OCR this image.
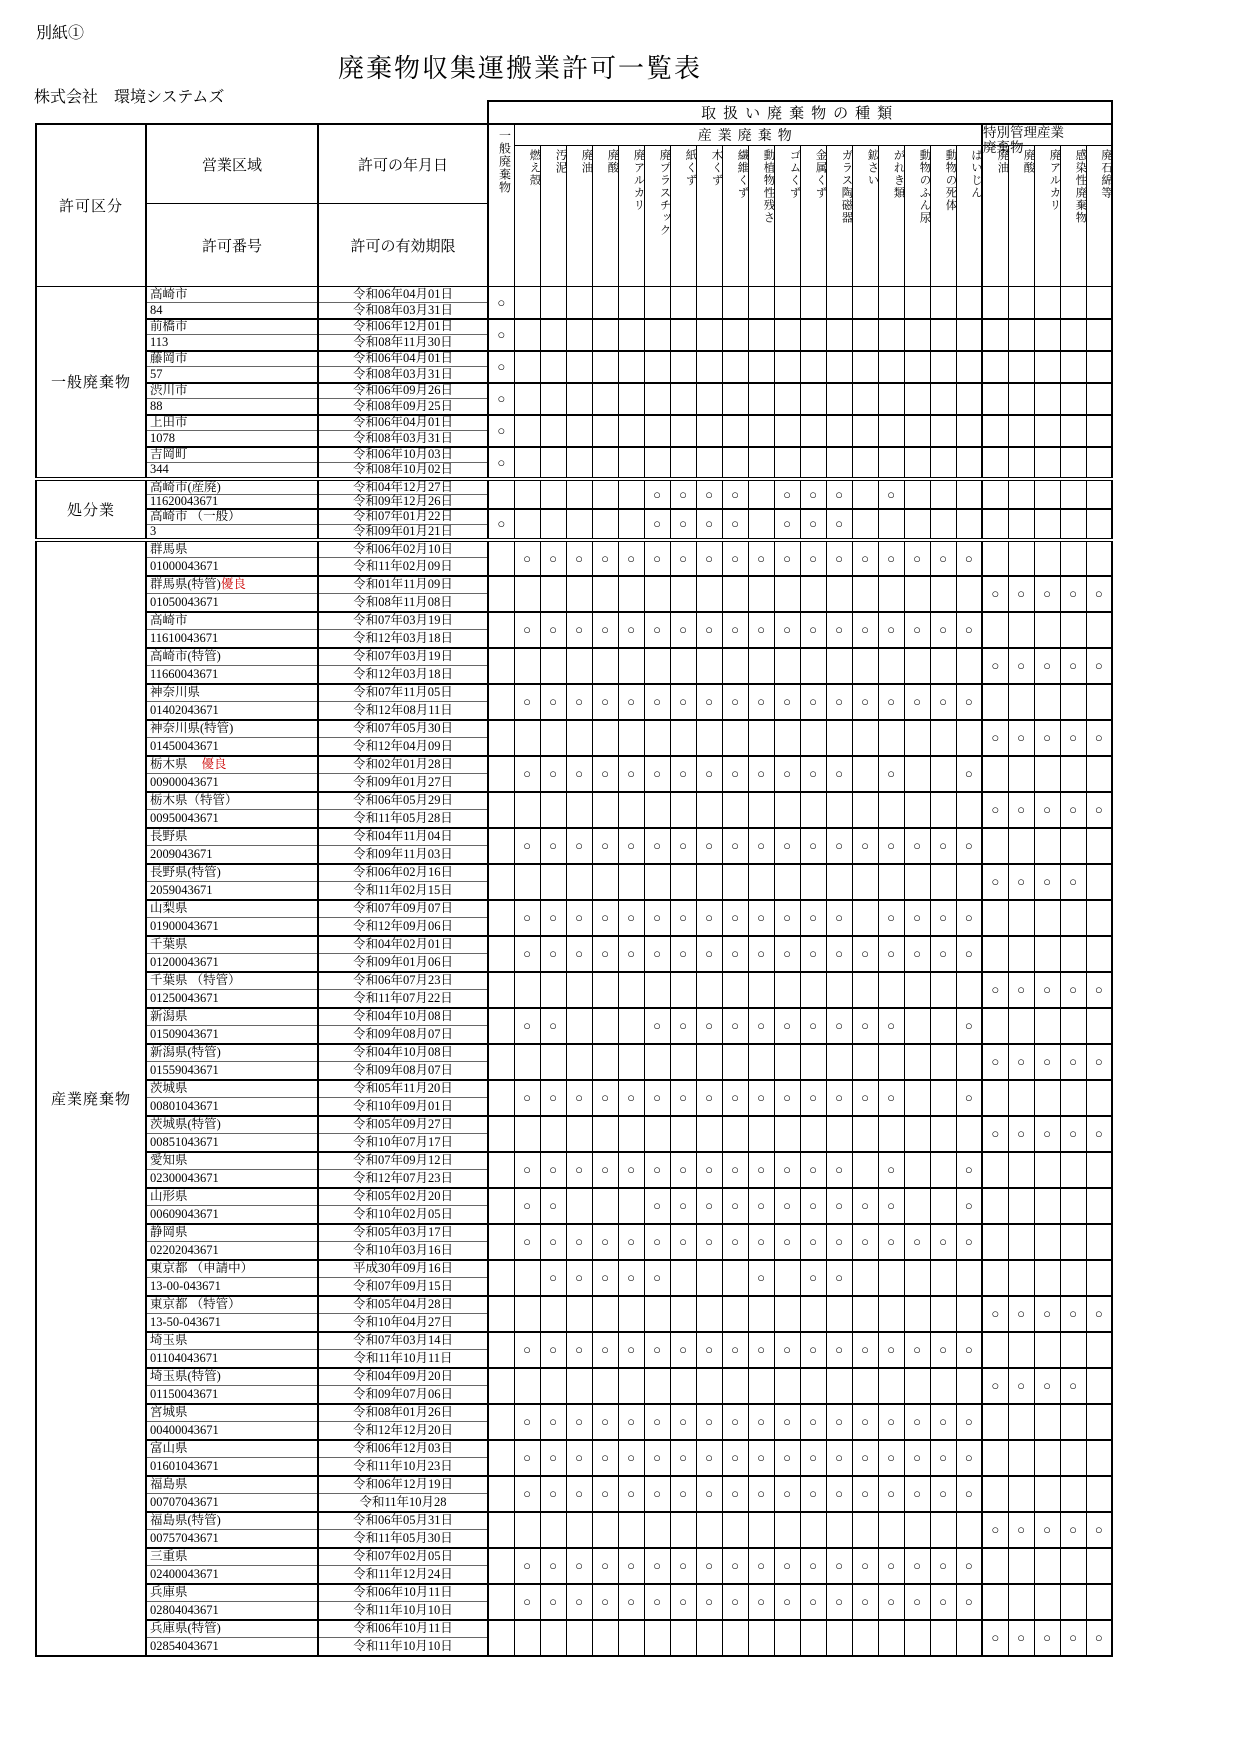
別紙①
廃棄物収集運搬業許可一覧表
株式会社　環境システムズ
			取扱い廃棄物の種類																							
許可区分	営業区域	許可の年月日	一般廃棄物	産業廃棄物																		特別管理産業
廃棄物				

				燃え殻	汚泥	廃油	廃酸	廃アルカリ	廃プラスチック	紙くず	木くず	繊維くず	動植物性残さ	ゴムくず	金属くず	ガラス陶磁器	鉱さい	がれき類	動物のふん尿	動物の死体	ばいじん	廃油	廃酸	廃アルカリ	感染性廃棄物	廃石綿等
	許可番号	許可の有効期限																								
一般廃棄物	高崎市	令和06年04月01日	○																							
	84	令和08年03月31日																								
	前橋市	令和06年12月01日	○																							
	113	令和08年11月30日																								
	藤岡市	令和06年04月01日	○																							
	57	令和08年03月31日																								
	渋川市	令和06年09月26日	○																							
	88	令和08年09月25日																								
	上田市	令和06年04月01日	○																							
	1078	令和08年03月31日																								
	吉岡町	令和06年10月03日	○																							
	344	令和08年10月02日																								
処分業	高崎市(産廃)	令和04年12月27日							○	○	○	○		○	○	○		○								
	11620043671	令和09年12月26日																								
	高崎市 （一般）	令和07年01月22日	○						○	○	○	○		○	○	○										
	3	令和09年01月21日																								
産業廃棄物	群馬県	令和06年02月10日		○	○	○	○	○	○	○	○	○	○	○	○	○	○	○	○	○	○					
	01000043671	令和11年02月09日																								
	群馬県(特管)優良	令和01年11月09日																				○	○	○	○	○
	01050043671	令和08年11月08日																								
	高崎市	令和07年03月19日		○	○	○	○	○	○	○	○	○	○	○	○	○	○	○	○	○	○					
	11610043671	令和12年03月18日																								
	高崎市(特管)	令和07年03月19日																				○	○	○	○	○
	11660043671	令和12年03月18日																								
	神奈川県	令和07年11月05日		○	○	○	○	○	○	○	○	○	○	○	○	○	○	○	○	○	○					
	01402043671	令和12年08月11日																								
	神奈川県(特管)	令和07年05月30日																				○	○	○	○	○
	01450043671	令和12年04月09日																								
	栃木県 優良	令和02年01月28日		○	○	○	○	○	○	○	○	○	○	○	○	○		○			○					
	00900043671	令和09年01月27日																								
	栃木県（特管）	令和06年05月29日																				○	○	○	○	○
	00950043671	令和11年05月28日																								
	長野県	令和04年11月04日		○	○	○	○	○	○	○	○	○	○	○	○	○	○	○	○	○	○					
	2009043671	令和09年11月03日																								
	長野県(特管)	令和06年02月16日																				○	○	○	○	
	2059043671	令和11年02月15日																								
	山梨県	令和07年09月07日		○	○	○	○	○	○	○	○	○	○	○	○	○		○	○	○	○					
	01900043671	令和12年09月06日																								
	千葉県	令和04年02月01日		○	○	○	○	○	○	○	○	○	○	○	○	○	○	○	○	○	○					
	01200043671	令和09年01月06日																								
	千葉県 （特管）	令和06年07月23日																				○	○	○	○	○
	01250043671	令和11年07月22日																								
	新潟県	令和04年10月08日		○	○				○	○	○	○	○	○	○	○	○	○			○					
	01509043671	令和09年08月07日																								
	新潟県(特管)	令和04年10月08日																				○	○	○	○	○
	01559043671	令和09年08月07日																								
	茨城県	令和05年11月20日		○	○	○	○	○	○	○	○	○	○	○	○	○	○	○			○					
	00801043671	令和10年09月01日																								
	茨城県(特管)	令和05年09月27日																				○	○	○	○	○
	00851043671	令和10年07月17日																								
	愛知県	令和07年09月12日		○	○	○	○	○	○	○	○	○	○	○	○	○		○			○					
	02300043671	令和12年07月23日																								
	山形県	令和05年02月20日		○	○				○	○	○	○	○	○	○	○	○	○			○					
	00609043671	令和10年02月05日																								
	静岡県	令和05年03月17日		○	○	○	○	○	○	○	○	○	○	○	○	○	○	○	○	○	○					
	02202043671	令和10年03月16日																								
	東京都 （申請中）	平成30年09月16日			○	○	○	○	○				○		○	○										
	13-00-043671	令和07年09月15日																								
	東京都 （特管）	令和05年04月28日																				○	○	○	○	○
	13-50-043671	令和10年04月27日																								
	埼玉県	令和07年03月14日		○	○	○	○	○	○	○	○	○	○	○	○	○	○	○	○	○	○					
	01104043671	令和11年10月11日																								
	埼玉県(特管)	令和04年09月20日																				○	○	○	○	
	01150043671	令和09年07月06日																								
	宮城県	令和08年01月26日		○	○	○	○	○	○	○	○	○	○	○	○	○	○	○	○	○	○					
	00400043671	令和12年12月20日																								
	富山県	令和06年12月03日		○	○	○	○	○	○	○	○	○	○	○	○	○	○	○	○	○	○					
	01601043671	令和11年10月23日																								
	福島県	令和06年12月19日		○	○	○	○	○	○	○	○	○	○	○	○	○	○	○	○	○	○					
	00707043671	令和11年10月28																								
	福島県(特管)	令和06年05月31日																				○	○	○	○	○
	00757043671	令和11年05月30日																								
	三重県	令和07年02月05日		○	○	○	○	○	○	○	○	○	○	○	○	○	○	○	○	○	○					
	02400043671	令和11年12月24日																								
	兵庫県	令和06年10月11日		○	○	○	○	○	○	○	○	○	○	○	○	○	○	○	○	○	○					
	02804043671	令和11年10月10日																								
	兵庫県(特管)	令和06年10月11日																				○	○	○	○	○
	02854043671	令和11年10月10日																								
